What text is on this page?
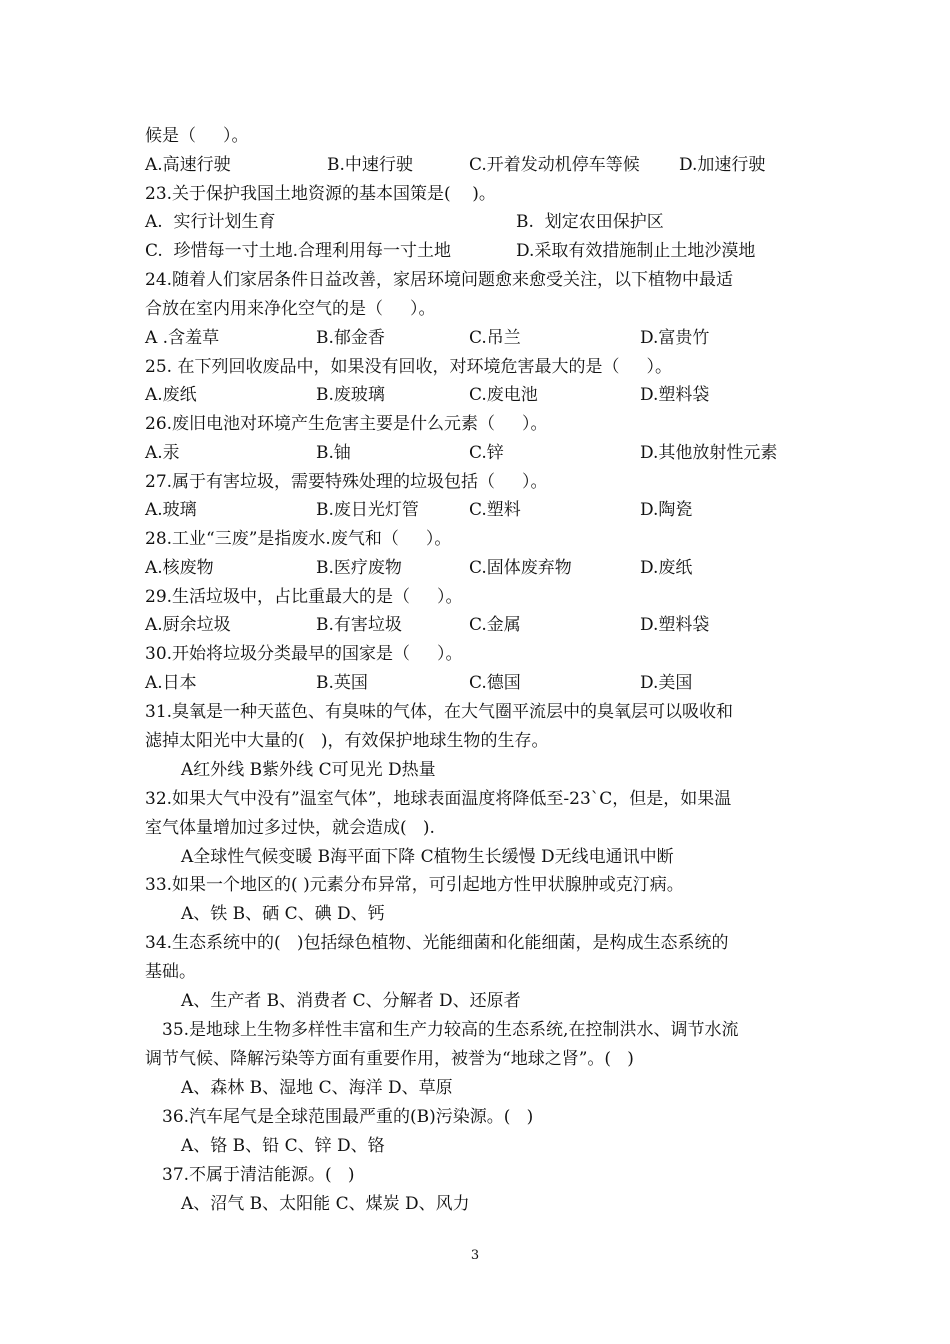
候是（     ）。
A.高速行驶	B.中速行驶	C.开着发动机停车等候 D.加速行驶
23.关于保护我国土地资源的基本国策是(    )。
A.  实行计划生育	B.  划定农田保护区
C.  珍惜每一寸土地.合理利用每一寸土地	D.采取有效措施制止土地沙漠地
24.随着人们家居条件日益改善，家居环境问题愈来愈受关注，以下植物中最适
合放在室内用来净化空气的是（     ）。
A .含羞草	B.郁金香	C.吊兰	D.富贵竹
25. 在下列回收废品中，如果没有回收，对环境危害最大的是（     ）。
A.废纸	B.废玻璃	C.废电池	D.塑料袋
26.废旧电池对环境产生危害主要是什么元素（     ）。
A.汞	B.铀	C.锌	D.其他放射性元素
27.属于有害垃圾，需要特殊处理的垃圾包括（     ）。
A.玻璃	B.废日光灯管	C.塑料	D.陶瓷
28.工业“三废”是指废水.废气和（     ）。
A.核废物	B.医疗废物	C.固体废弃物	D.废纸
29.生活垃圾中，占比重最大的是（     ）。
A.厨余垃圾	B.有害垃圾	C.金属	D.塑料袋
30.开始将垃圾分类最早的国家是（     ）。
A.日本	B.英国	C.德国	D.美国
31.臭氧是一种天蓝色、有臭味的气体，在大气圈平流层中的臭氧层可以吸收和
滤掉太阳光中大量的(   )，有效保护地球生物的生存。
A红外线 B紫外线 C可见光 D热量
32.如果大气中没有”温室气体”，地球表面温度将降低至-23`C，但是，如果温
室气体量增加过多过快，就会造成(   ).
A全球性气候变暖 B海平面下降 C植物生长缓慢 D无线电通讯中断
33.如果一个地区的( )元素分布异常，可引起地方性甲状腺肿或克汀病。
A、铁 B、硒 C、碘 D、钙
34.生态系统中的(   )包括绿色植物、光能细菌和化能细菌，是构成生态系统的
基础。
A、生产者 B、消费者 C、分解者 D、还原者
35.是地球上生物多样性丰富和生产力较高的生态系统,在控制洪水、调节水流
调节气候、降解污染等方面有重要作用，被誉为“地球之肾”。(   )
A、森林 B、湿地 C、海洋 D、草原
36.汽车尾气是全球范围最严重的(B)污染源。(   )
A、铬 B、铅 C、锌 D、铬
37.不属于清洁能源。(   )
A、沼气 B、太阳能 C、煤炭 D、风力
3
